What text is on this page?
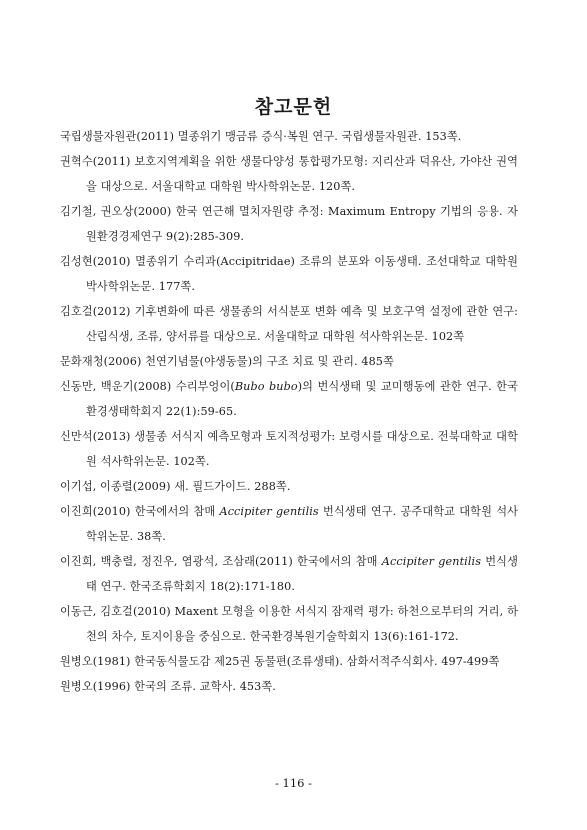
참고문헌
국립생물자원관(2011) 멸종위기 맹금류 증식·복원 연구. 국립생물자원관. 153쪽.
권혁수(2011) 보호지역계획을 위한 생물다양성 통합평가모형: 지리산과 덕유산, 가야산 권역을 대상으로. 서울대학교 대학원 박사학위논문. 120쪽.
김기철, 권오상(2000) 한국 연근해 멸치자원량 추정: Maximum Entropy 기법의 응용. 자원환경경제연구 9(2):285-309.
김성현(2010) 멸종위기 수리과(Accipitridae) 조류의 분포와 이동생태. 조선대학교 대학원 박사학위논문. 177쪽.
김호걸(2012) 기후변화에 따른 생물종의 서식분포 변화 예측 및 보호구역 설정에 관한 연구: 산림식생, 조류, 양서류를 대상으로. 서울대학교 대학원 석사학위논문. 102쪽
문화재청(2006) 천연기념물(야생동물)의 구조 치료 및 관리. 485쪽
신동만, 백운기(2008) 수리부엉이(Bubo bubo)의 번식생태 및 교미행동에 관한 연구. 한국환경생태학회지 22(1):59-65.
신만석(2013) 생물종 서식지 예측모형과 토지적성평가: 보령시를 대상으로. 전북대학교 대학원 석사학위논문. 102쪽.
이기섭, 이종렬(2009) 새. 필드가이드. 288쪽.
이진희(2010) 한국에서의 참매 Accipiter gentilis 번식생태 연구. 공주대학교 대학원 석사학위논문. 38쪽.
이진희, 백충렬, 정진우, 염광석, 조삼래(2011) 한국에서의 참매 Accipiter gentilis 번식생태 연구. 한국조류학회지 18(2):171-180.
이동근, 김호걸(2010) Maxent 모형을 이용한 서식지 잠재력 평가: 하천으로부터의 거리, 하천의 차수, 토지이용을 중심으로. 한국환경복원기술학회지 13(6):161-172.
원병오(1981) 한국동식물도감 제25권 동물편(조류생태). 삼화서적주식회사. 497-499쪽
원병오(1996) 한국의 조류. 교학사. 453쪽.
- 116 -
